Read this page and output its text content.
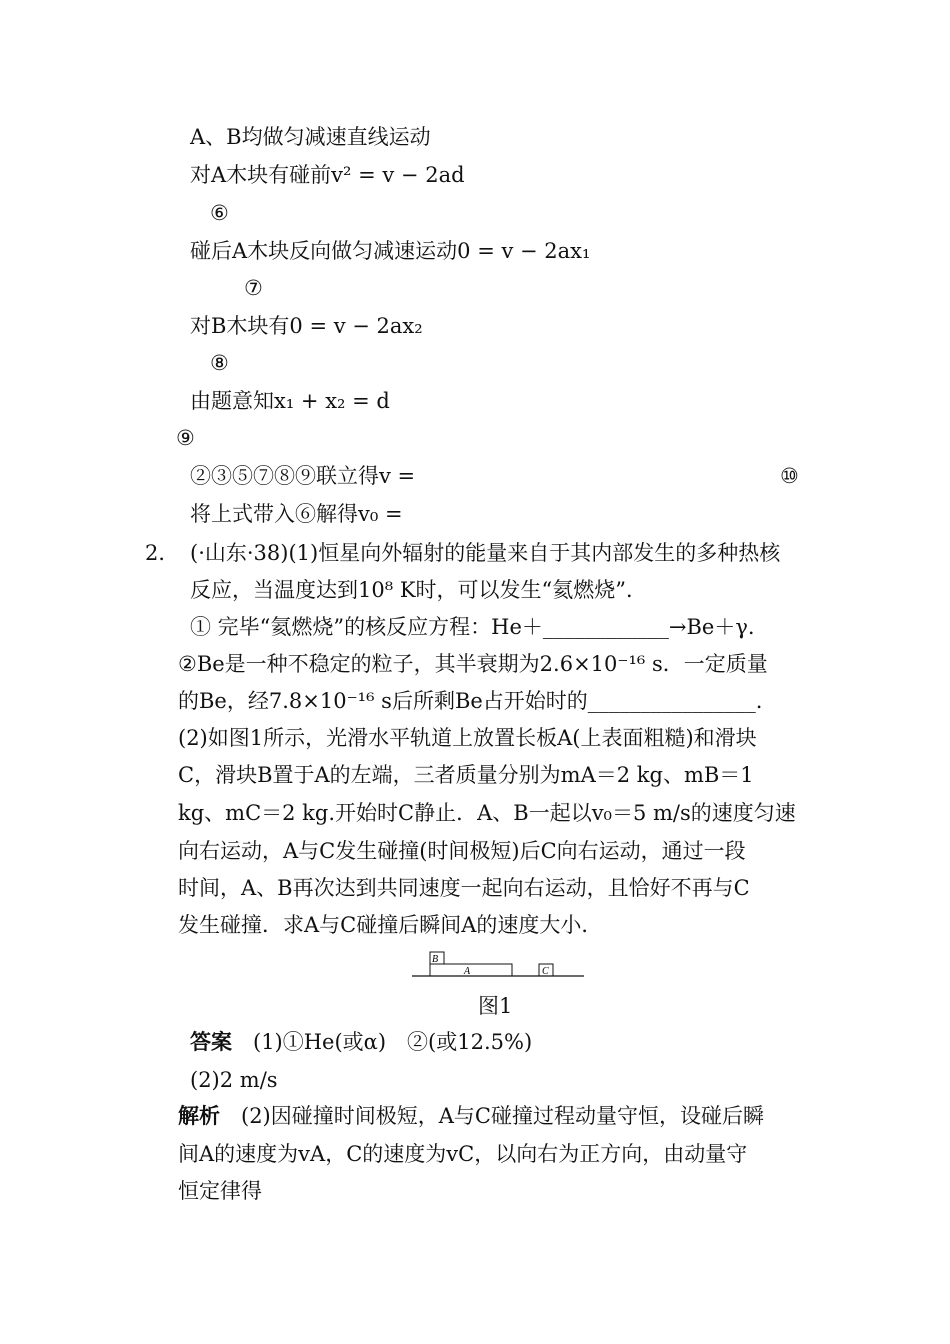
A、B均做匀减速直线运动
对A木块有碰前v² = v − 2ad
⑥
碰后A木块反向做匀减速运动0 = v − 2ax₁
⑦
对B木块有0 = v − 2ax₂
⑧
由题意知x₁ + x₂ = d
⑨
②③⑤⑦⑧⑨联立得v =	⑩
将上式带入⑥解得v₀ =
2． (·山东·38)(1)恒星向外辐射的能量来自于其内部发生的多种热核
反应，当温度达到10⁸ K时，可以发生“氦燃烧”．
① 完毕“氦燃烧”的核反应方程：He＋____________→Be＋γ.
②Be是一种不稳定的粒子，其半衰期为2.6×10⁻¹⁶ s．一定质量
的Be，经7.8×10⁻¹⁶ s后所剩Be占开始时的________________.
(2)如图1所示，光滑水平轨道上放置长板A(上表面粗糙)和滑块
C，滑块B置于A的左端，三者质量分别为mA＝2 kg、mB＝1
kg、mC＝2 kg.开始时C静止．A、B一起以v₀＝5 m/s的速度匀速
向右运动，A与C发生碰撞(时间极短)后C向右运动，通过一段
时间，A、B再次达到共同速度一起向右运动，且恰好不再与C
发生碰撞．求A与C碰撞后瞬间A的速度大小．
B
A	C
图1
答案　 (1)①He(或α)　②(或12.5%)
(2)2 m/s
解析　 (2)因碰撞时间极短，A与C碰撞过程动量守恒，设碰后瞬
间A的速度为vA，C的速度为vC，以向右为正方向，由动量守
恒定律得
